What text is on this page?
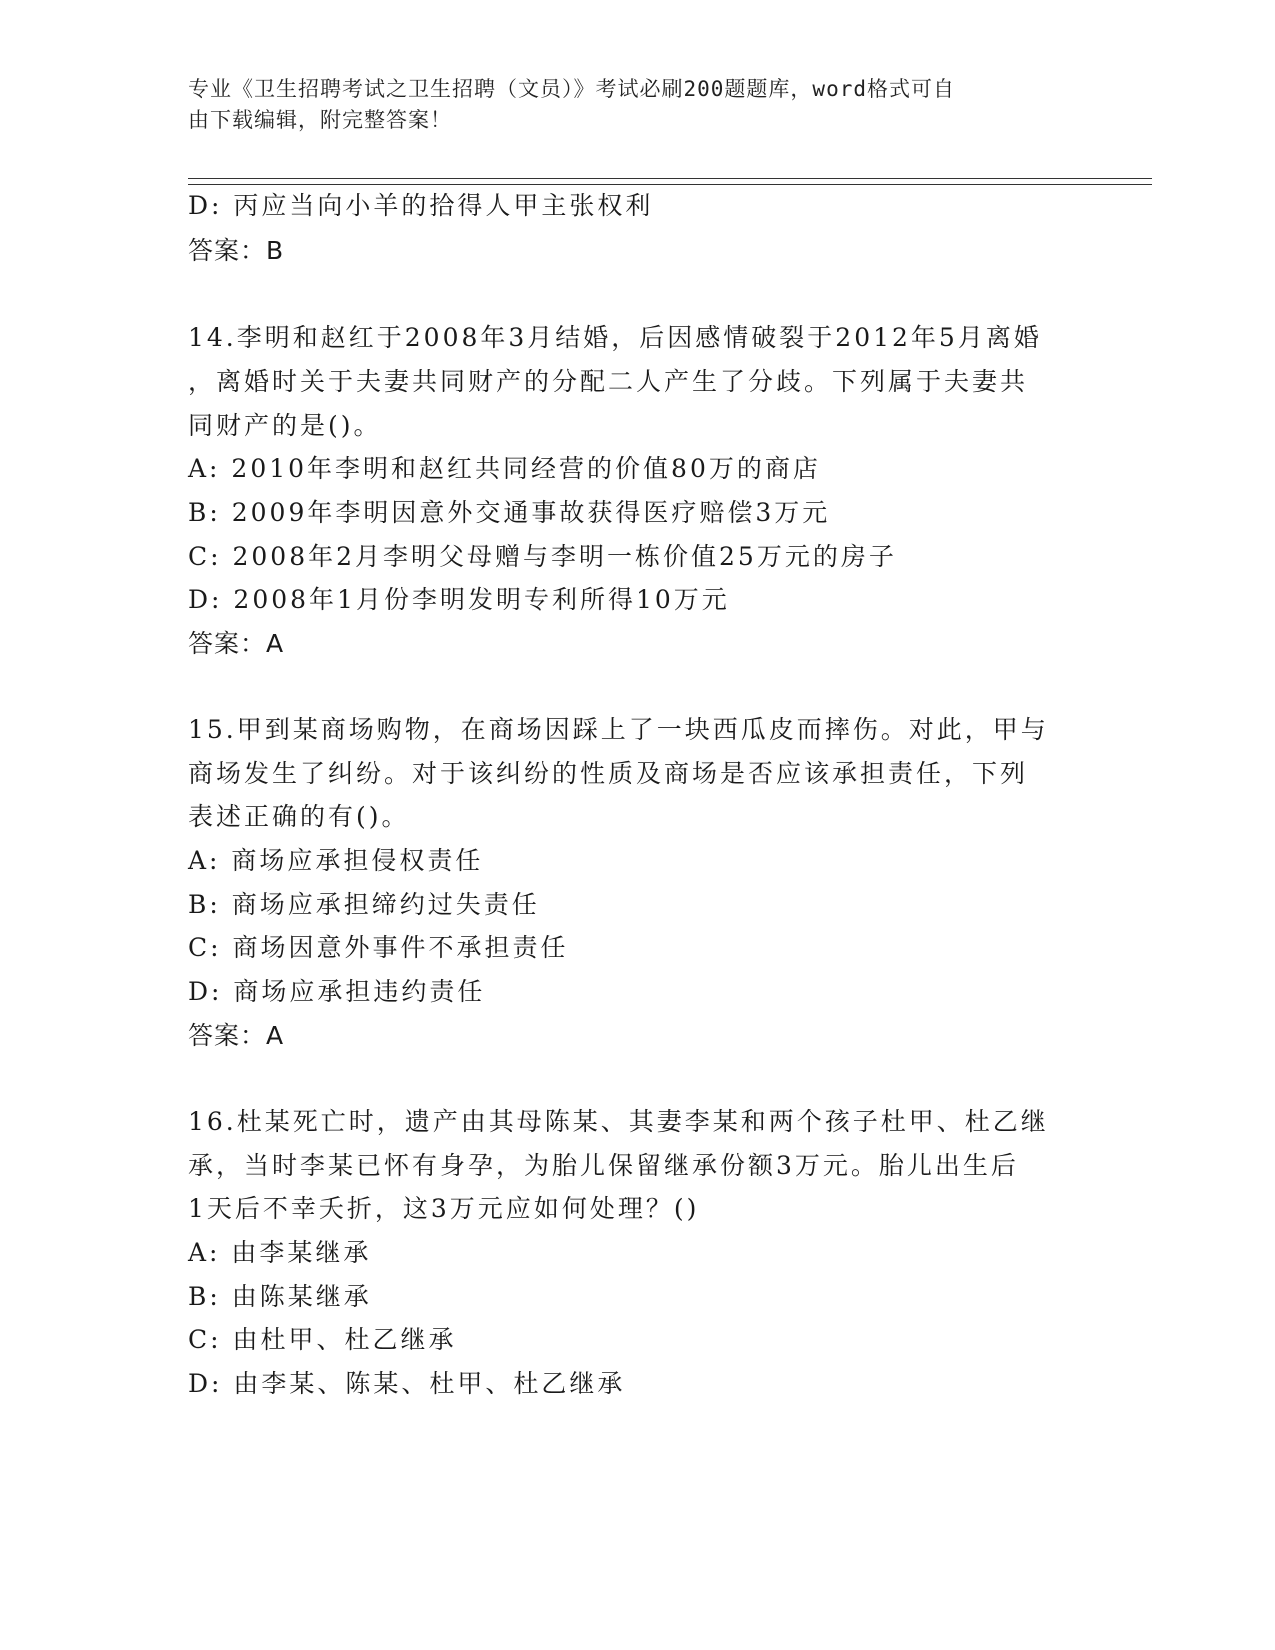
专业《卫生招聘考试之卫生招聘（文员）》考试必刷200题题库，word格式可自
由下载编辑，附完整答案！
D: 丙应当向小羊的拾得人甲主张权利
答案：B
14.李明和赵红于2008年3月结婚，后因感情破裂于2012年5月离婚
，离婚时关于夫妻共同财产的分配二人产生了分歧。下列属于夫妻共
同财产的是()。
A: 2010年李明和赵红共同经营的价值80万的商店
B: 2009年李明因意外交通事故获得医疗赔偿3万元
C: 2008年2月李明父母赠与李明一栋价值25万元的房子
D: 2008年1月份李明发明专利所得10万元
答案：A
15.甲到某商场购物，在商场因踩上了一块西瓜皮而摔伤。对此，甲与
商场发生了纠纷。对于该纠纷的性质及商场是否应该承担责任，下列
表述正确的有()。
A: 商场应承担侵权责任
B: 商场应承担缔约过失责任
C: 商场因意外事件不承担责任
D: 商场应承担违约责任
答案：A
16.杜某死亡时，遗产由其母陈某、其妻李某和两个孩子杜甲、杜乙继
承，当时李某已怀有身孕，为胎儿保留继承份额3万元。胎儿出生后
1天后不幸夭折，这3万元应如何处理？()
A: 由李某继承
B: 由陈某继承
C: 由杜甲、杜乙继承
D: 由李某、陈某、杜甲、杜乙继承
